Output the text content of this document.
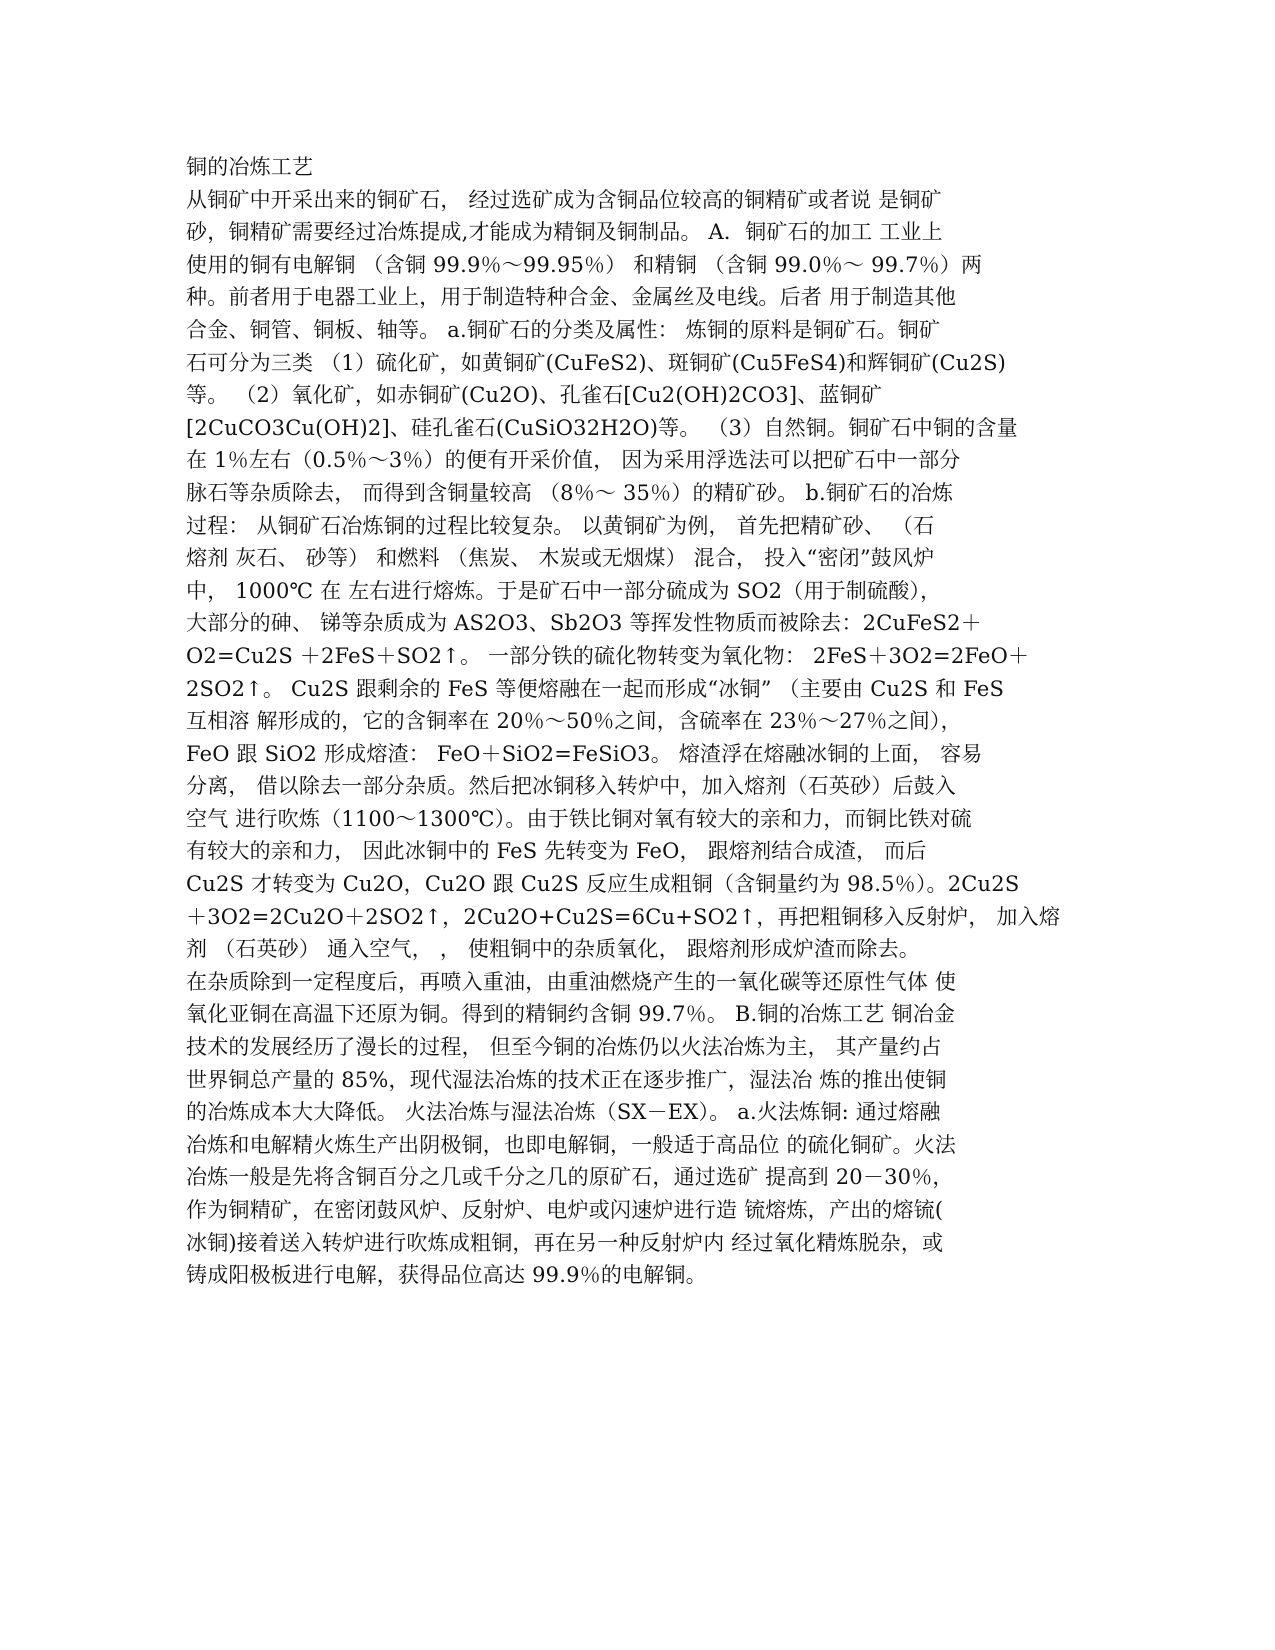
铜的冶炼工艺
从铜矿中开采出来的铜矿石， 经过选矿成为含铜品位较高的铜精矿或者说 是铜矿
砂，铜精矿需要经过冶炼提成,才能成为精铜及铜制品。 A．铜矿石的加工 工业上
使用的铜有电解铜 （含铜 99.9％～99.95％） 和精铜 （含铜 99.0％～ 99.7％）两
种。前者用于电器工业上，用于制造特种合金、金属丝及电线。后者 用于制造其他
合金、铜管、铜板、轴等。 a.铜矿石的分类及属性： 炼铜的原料是铜矿石。铜矿
石可分为三类 （1）硫化矿，如黄铜矿(CuFeS2)、斑铜矿(Cu5FeS4)和辉铜矿(Cu2S)
等。 （2）氧化矿，如赤铜矿(Cu2O)、孔雀石[Cu2(OH)2CO3]、蓝铜矿
[2CuCO3Cu(OH)2]、硅孔雀石(CuSiO32H2O)等。 （3）自然铜。铜矿石中铜的含量
在 1％左右（0.5％～3％）的便有开采价值， 因为采用浮选法可以把矿石中一部分
脉石等杂质除去， 而得到含铜量较高 （8％～ 35％）的精矿砂。 b.铜矿石的冶炼
过程： 从铜矿石冶炼铜的过程比较复杂。 以黄铜矿为例， 首先把精矿砂、 （石
熔剂 灰石、 砂等） 和燃料 （焦炭、 木炭或无烟煤） 混合， 投入“密闭”鼓风炉
中， 1000℃ 在 左右进行熔炼。于是矿石中一部分硫成为 SO2（用于制硫酸），
大部分的砷、 锑等杂质成为 AS2O3、Sb2O3 等挥发性物质而被除去：2CuFeS2＋
O2=Cu2S ＋2FeS＋SO2↑。 一部分铁的硫化物转变为氧化物： 2FeS＋3O2=2FeO＋
2SO2↑。 Cu2S 跟剩余的 FeS 等便熔融在一起而形成“冰铜” （主要由 Cu2S 和 FeS
互相溶 解形成的，它的含铜率在 20％～50％之间，含硫率在 23％～27％之间），
FeO 跟 SiO2 形成熔渣： FeO＋SiO2=FeSiO3。 熔渣浮在熔融冰铜的上面， 容易
分离， 借以除去一部分杂质。然后把冰铜移入转炉中，加入熔剂（石英砂）后鼓入
空气 进行吹炼（1100～1300℃）。由于铁比铜对氧有较大的亲和力，而铜比铁对硫
有较大的亲和力， 因此冰铜中的 FeS 先转变为 FeO， 跟熔剂结合成渣， 而后
Cu2S 才转变为 Cu2O，Cu2O 跟 Cu2S 反应生成粗铜（含铜量约为 98.5％）。2Cu2S
＋3O2=2Cu2O＋2SO2↑，2Cu2O+Cu2S=6Cu+SO2↑，再把粗铜移入反射炉， 加入熔
剂 （石英砂） 通入空气， ， 使粗铜中的杂质氧化， 跟熔剂形成炉渣而除去。
在杂质除到一定程度后，再喷入重油，由重油燃烧产生的一氧化碳等还原性气体 使
氧化亚铜在高温下还原为铜。得到的精铜约含铜 99.7％。 B.铜的冶炼工艺 铜冶金
技术的发展经历了漫长的过程， 但至今铜的冶炼仍以火法冶炼为主， 其产量约占
世界铜总产量的 85%，现代湿法冶炼的技术正在逐步推广，湿法冶 炼的推出使铜
的冶炼成本大大降低。 火法冶炼与湿法冶炼（SX－EX）。 a.火法炼铜: 通过熔融
冶炼和电解精火炼生产出阴极铜，也即电解铜，一般适于高品位 的硫化铜矿。火法
冶炼一般是先将含铜百分之几或千分之几的原矿石，通过选矿 提高到 20－30％，
作为铜精矿，在密闭鼓风炉、反射炉、电炉或闪速炉进行造 锍熔炼，产出的熔锍(
冰铜)接着送入转炉进行吹炼成粗铜，再在另一种反射炉内 经过氧化精炼脱杂，或
铸成阳极板进行电解，获得品位高达 99.9％的电解铜。
